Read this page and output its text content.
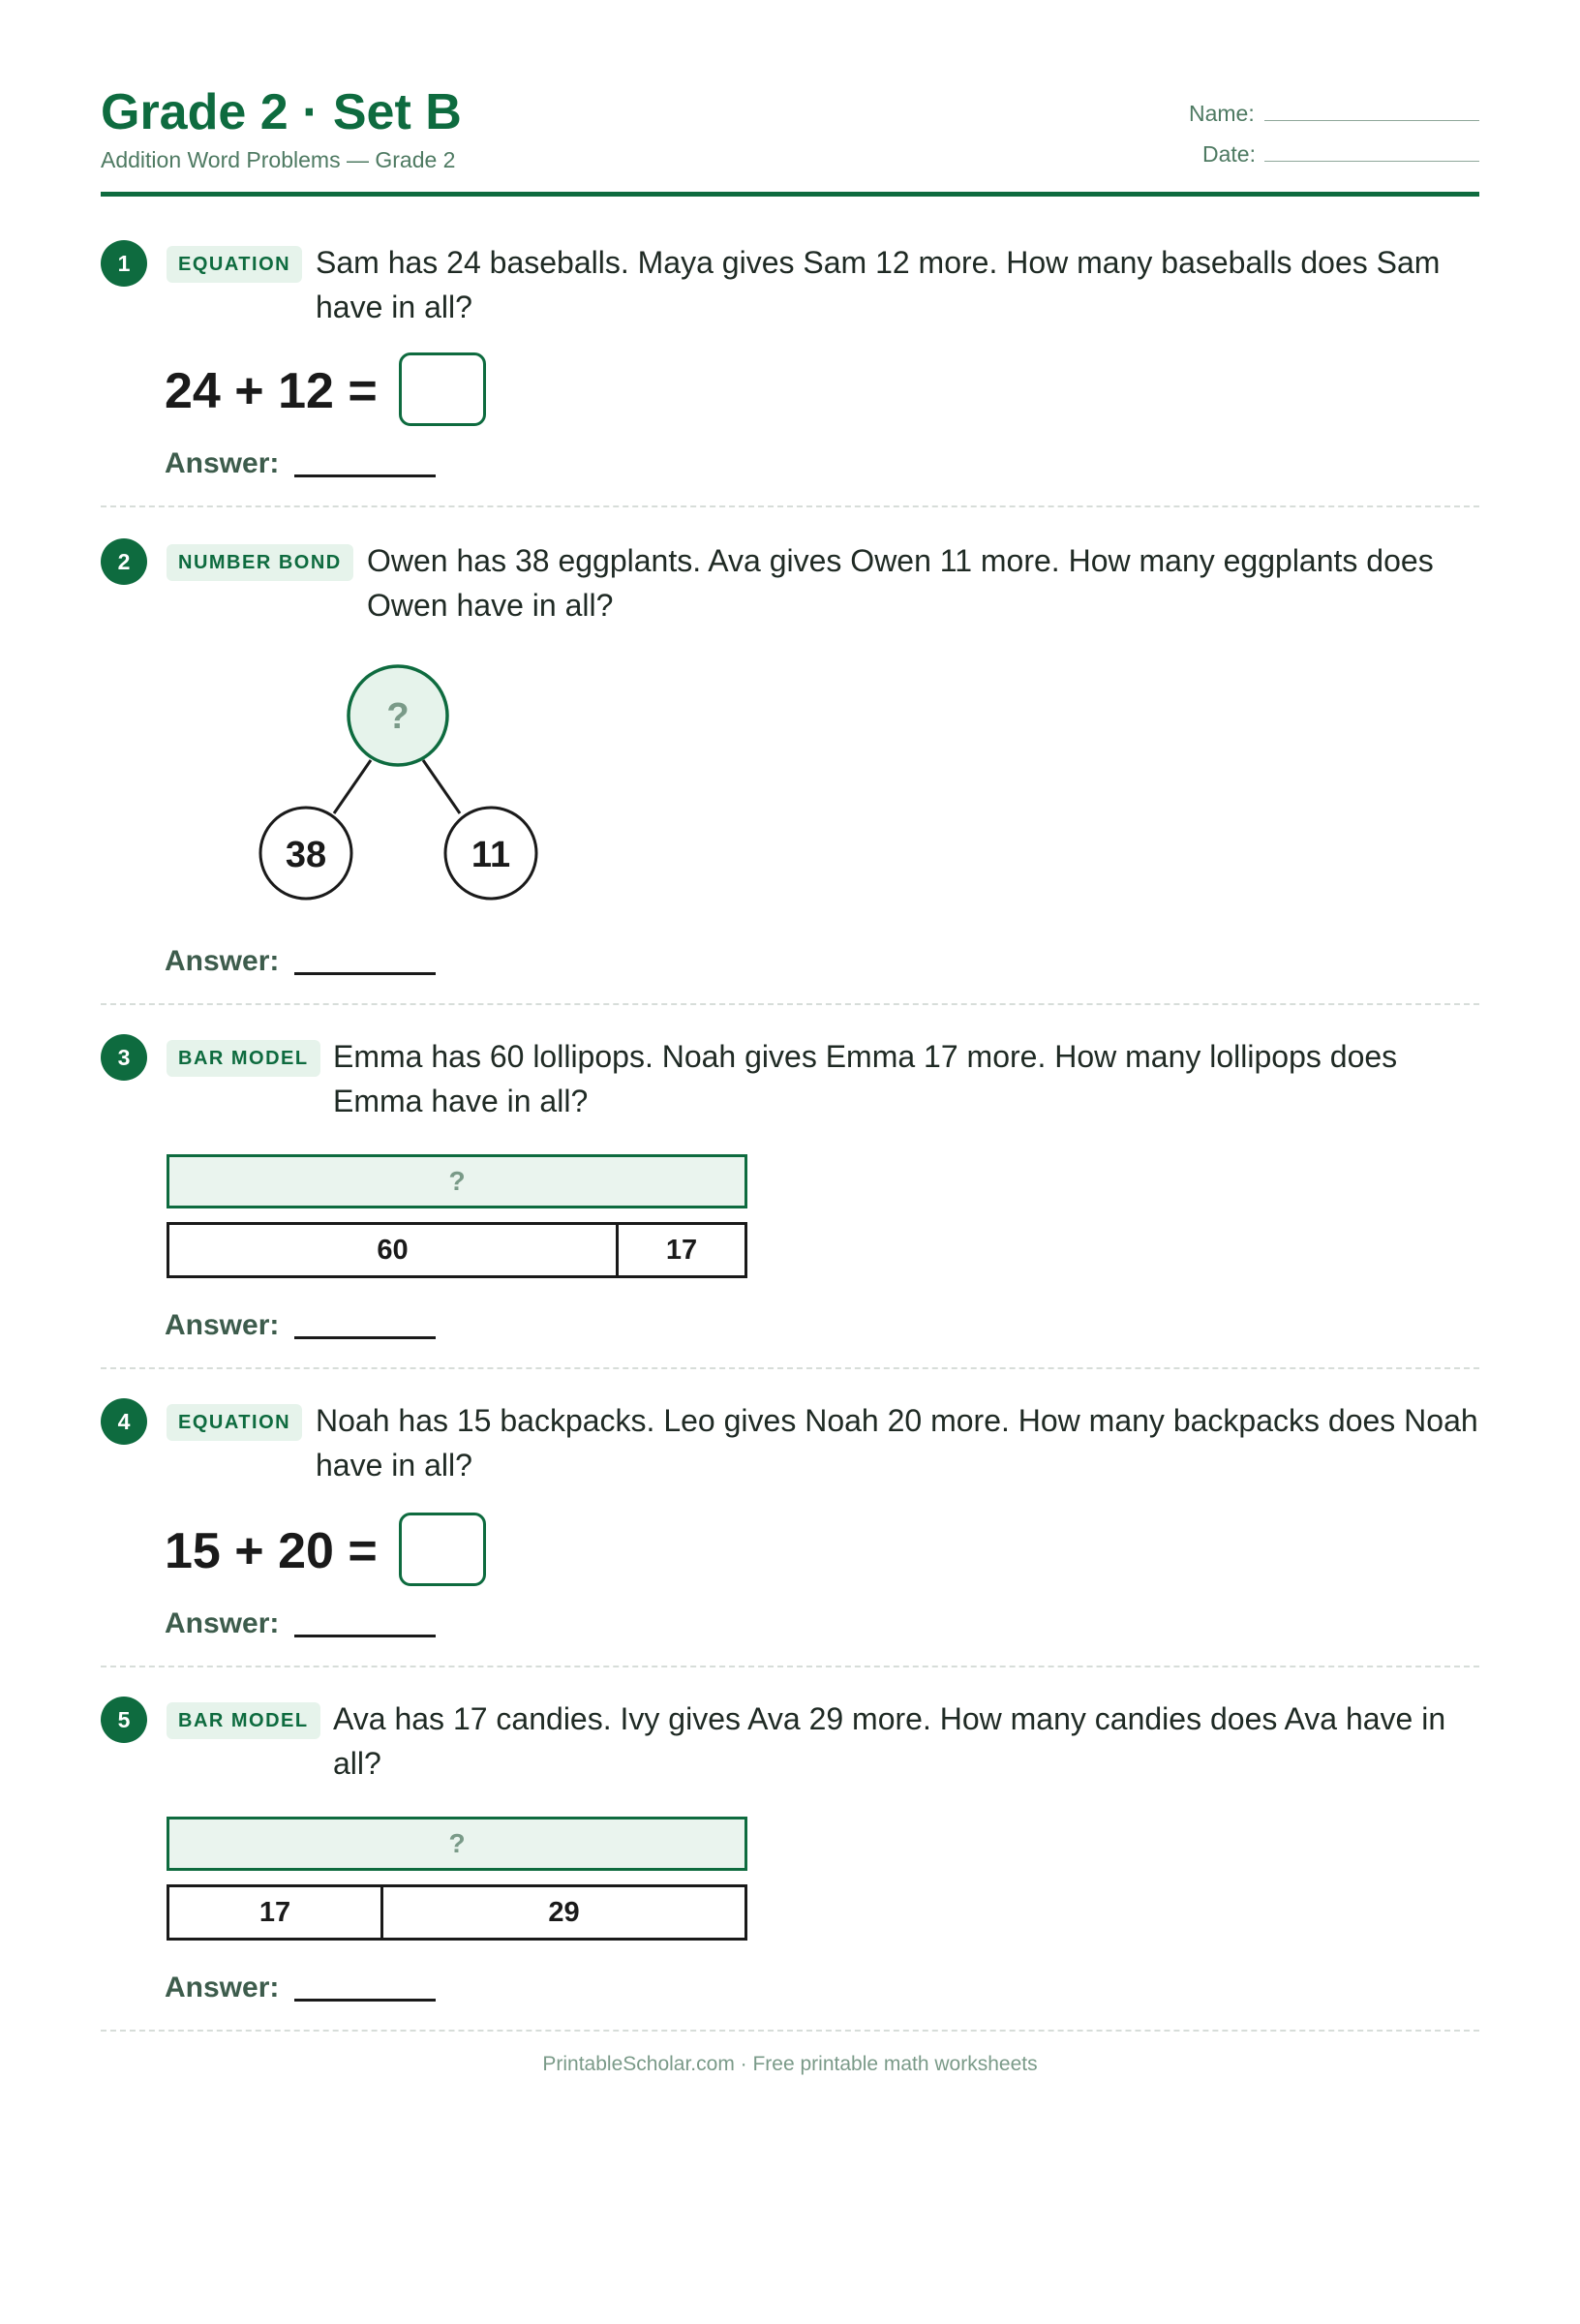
Grade 2 · Set B
Addition Word Problems — Grade 2
Name:
Date:
1	EQUATION Sam has 24 baseballs. Maya gives Sam 12 more. How many baseballs does Sam have in all?
24 + 12 =
Answer:
2	NUMBER BOND Owen has 38 eggplants. Ava gives Owen 11 more. How many eggplants does Owen have in all?
?
38	11
Answer:
3	BAR MODEL Emma has 60 lollipops. Noah gives Emma 17 more. How many lollipops does Emma have in all?
?
60	17
Answer:
4	EQUATION Noah has 15 backpacks. Leo gives Noah 20 more. How many backpacks does Noah have in all?
15 + 20 =
Answer:
5	BAR MODEL Ava has 17 candies. Ivy gives Ava 29 more. How many candies does Ava have in all?
?
17	29
Answer:
PrintableScholar.com · Free printable math worksheets
